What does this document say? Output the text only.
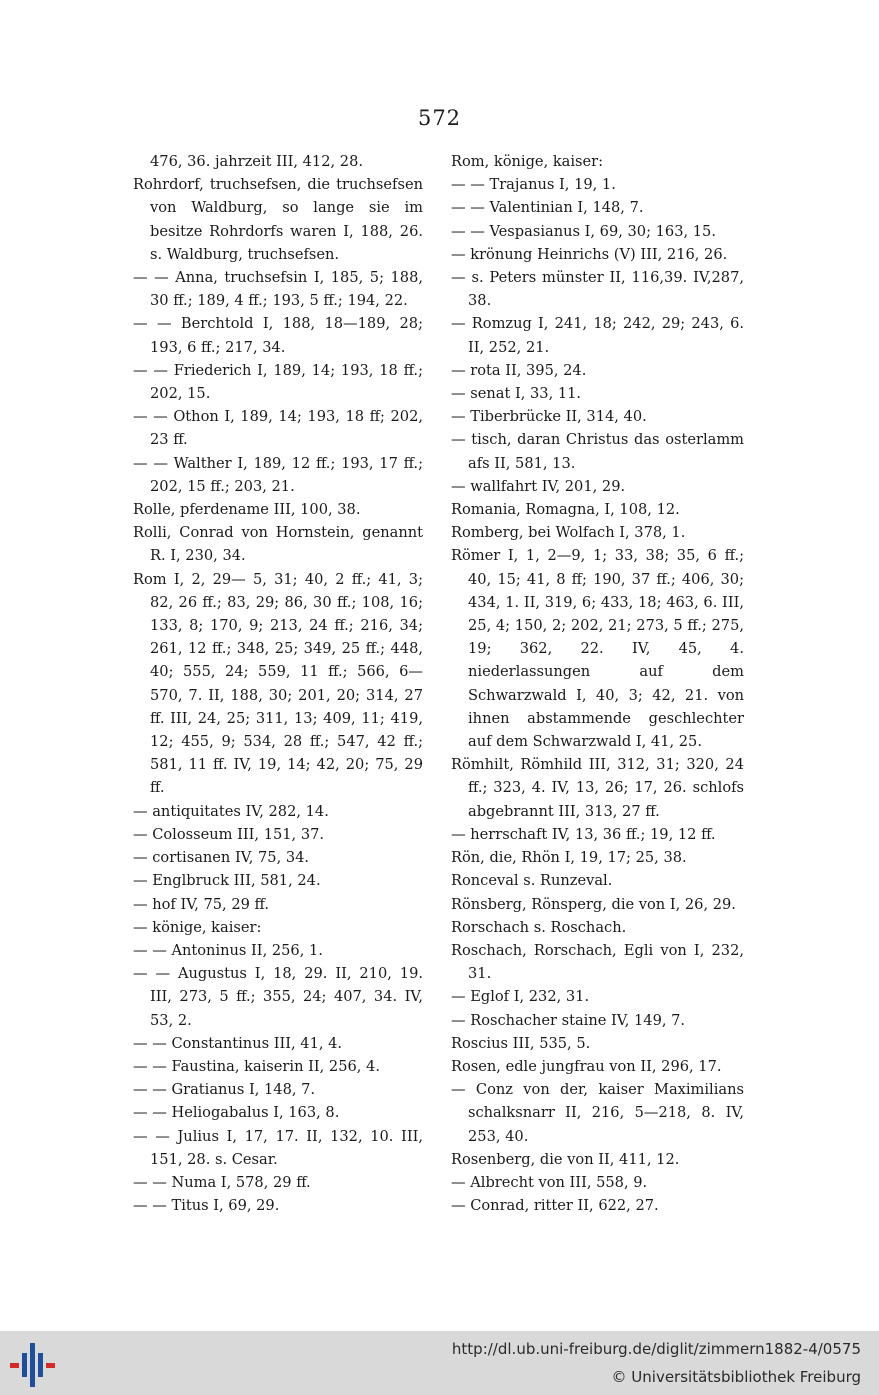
572
476, 36. jahrzeit III, 412, 28.
Rohrdorf, truchsefsen, die truchsefsen von Waldburg, so lange sie im besitze Rohrdorfs waren I, 188, 26. s. Waldburg, truchsefsen.
— — Anna, truchsefsin I, 185, 5; 188, 30 ff.; 189, 4 ff.; 193, 5 ff.; 194, 22.
— — Berchtold I, 188, 18—189, 28; 193, 6 ff.; 217, 34.
— — Friederich I, 189, 14; 193, 18 ff.; 202, 15.
— — Othon I, 189, 14; 193, 18 ff; 202, 23 ff.
— — Walther I, 189, 12 ff.; 193, 17 ff.; 202, 15 ff.; 203, 21.
Rolle, pferdename III, 100, 38.
Rolli, Conrad von Hornstein, genannt R. I, 230, 34.
Rom I, 2, 29— 5, 31; 40, 2 ff.; 41, 3; 82, 26 ff.; 83, 29; 86, 30 ff.; 108, 16; 133, 8; 170, 9; 213, 24 ff.; 216, 34; 261, 12 ff.; 348, 25; 349, 25 ff.; 448, 40; 555, 24; 559, 11 ff.; 566, 6— 570, 7. II, 188, 30; 201, 20; 314, 27 ff. III, 24, 25; 311, 13; 409, 11; 419, 12; 455, 9; 534, 28 ff.; 547, 42 ff.; 581, 11 ff. IV, 19, 14; 42, 20; 75, 29 ff.
— antiquitates IV, 282, 14.
— Colosseum III, 151, 37.
— cortisanen IV, 75, 34.
— Englbruck III, 581, 24.
— hof IV, 75, 29 ff.
— könige, kaiser:
— — Antoninus II, 256, 1.
— — Augustus I, 18, 29. II, 210, 19. III, 273, 5 ff.; 355, 24; 407, 34. IV, 53, 2.
— — Constantinus III, 41, 4.
— — Faustina, kaiserin II, 256, 4.
— — Gratianus I, 148, 7.
— — Heliogabalus I, 163, 8.
— — Julius I, 17, 17. II, 132, 10. III, 151, 28. s. Cesar.
— — Numa I, 578, 29 ff.
— — Titus I, 69, 29.
Rom, könige, kaiser:
— — Trajanus I, 19, 1.
— — Valentinian I, 148, 7.
— — Vespasianus I, 69, 30; 163, 15.
— krönung Heinrichs (V) III, 216, 26.
— s. Peters münster II, 116,39. IV,287, 38.
— Romzug I, 241, 18; 242, 29; 243, 6. II, 252, 21.
— rota II, 395, 24.
— senat I, 33, 11.
— Tiberbrücke II, 314, 40.
— tisch, daran Christus das osterlamm afs II, 581, 13.
— wallfahrt IV, 201, 29.
Romania, Romagna, I, 108, 12.
Romberg, bei Wolfach I, 378, 1.
Römer I, 1, 2—9, 1; 33, 38; 35, 6 ff.; 40, 15; 41, 8 ff; 190, 37 ff.; 406, 30; 434, 1. II, 319, 6; 433, 18; 463, 6. III, 25, 4; 150, 2; 202, 21; 273, 5 ff.; 275, 19; 362, 22. IV, 45, 4. niederlassungen auf dem Schwarzwald I, 40, 3; 42, 21. von ihnen abstammende geschlechter auf dem Schwarzwald I, 41, 25.
Römhilt, Römhild III, 312, 31; 320, 24 ff.; 323, 4. IV, 13, 26; 17, 26. schlofs abgebrannt III, 313, 27 ff.
— herrschaft IV, 13, 36 ff.; 19, 12 ff.
Rön, die, Rhön I, 19, 17; 25, 38.
Ronceval s. Runzeval.
Rönsberg, Rönsperg, die von I, 26, 29.
Rorschach s. Roschach.
Roschach, Rorschach, Egli von I, 232, 31.
— Eglof I, 232, 31.
— Roschacher staine IV, 149, 7.
Roscius III, 535, 5.
Rosen, edle jungfrau von II, 296, 17.
— Conz von der, kaiser Maximilians schalksnarr II, 216, 5—218, 8. IV, 253, 40.
Rosenberg, die von II, 411, 12.
— Albrecht von III, 558, 9.
— Conrad, ritter II, 622, 27.
http://dl.ub.uni-freiburg.de/diglit/zimmern1882-4/0575
© Universitätsbibliothek Freiburg
